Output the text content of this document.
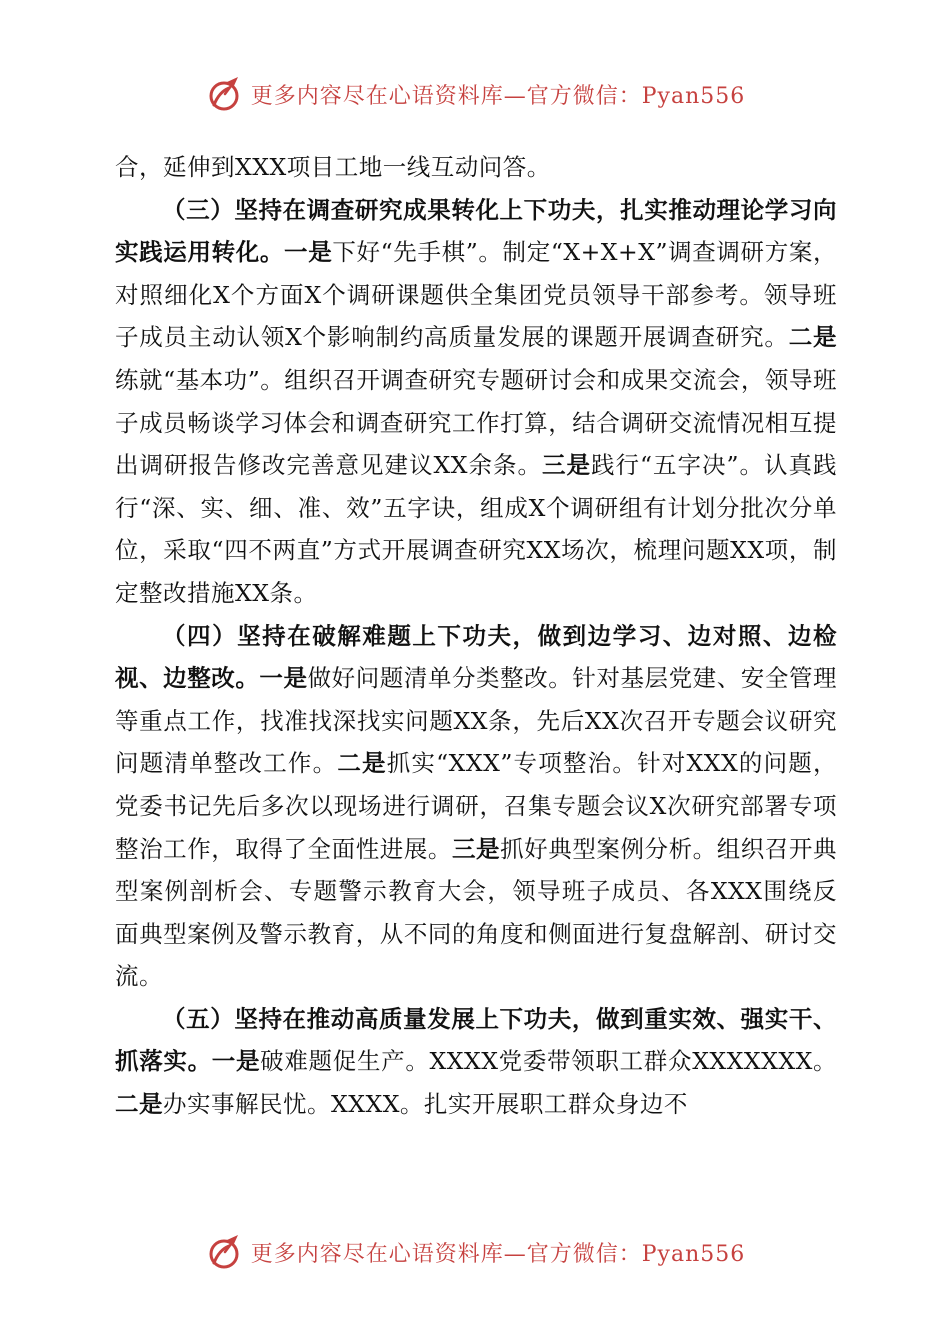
更多内容尽在心语资料库—官方微信：Pyan556

合，延伸到XXX项目工地一线互动问答。

（三）坚持在调查研究成果转化上下功夫，扎实推动理论学习向实践运用转化。一是下好“先手棋”。制定“X+X+X”调查调研方案，对照细化X个方面X个调研课题供全集团党员领导干部参考。领导班子成员主动认领X个影响制约高质量发展的课题开展调查研究。二是练就“基本功”。组织召开调查研究专题研讨会和成果交流会，领导班子成员畅谈学习体会和调查研究工作打算，结合调研交流情况相互提出调研报告修改完善意见建议XX余条。三是践行“五字决”。认真践行“深、实、细、准、效”五字诀，组成X个调研组有计划分批次分单位，采取“四不两直”方式开展调查研究XX场次，梳理问题XX项，制定整改措施XX条。

（四）坚持在破解难题上下功夫，做到边学习、边对照、边检视、边整改。一是做好问题清单分类整改。针对基层党建、安全管理等重点工作，找准找深找实问题XX条，先后XX次召开专题会议研究问题清单整改工作。二是抓实“XXX”专项整治。针对XXX的问题，党委书记先后多次以现场进行调研，召集专题会议X次研究部署专项整治工作，取得了全面性进展。三是抓好典型案例分析。组织召开典型案例剖析会、专题警示教育大会，领导班子成员、各XXX围绕反面典型案例及警示教育，从不同的角度和侧面进行复盘解剖、研讨交流。

（五）坚持在推动高质量发展上下功夫，做到重实效、强实干、抓落实。一是破难题促生产。XXXX党委带领职工群众XXXXXXX。二是办实事解民忧。XXXX。扎实开展职工群众身边不

更多内容尽在心语资料库—官方微信：Pyan556
